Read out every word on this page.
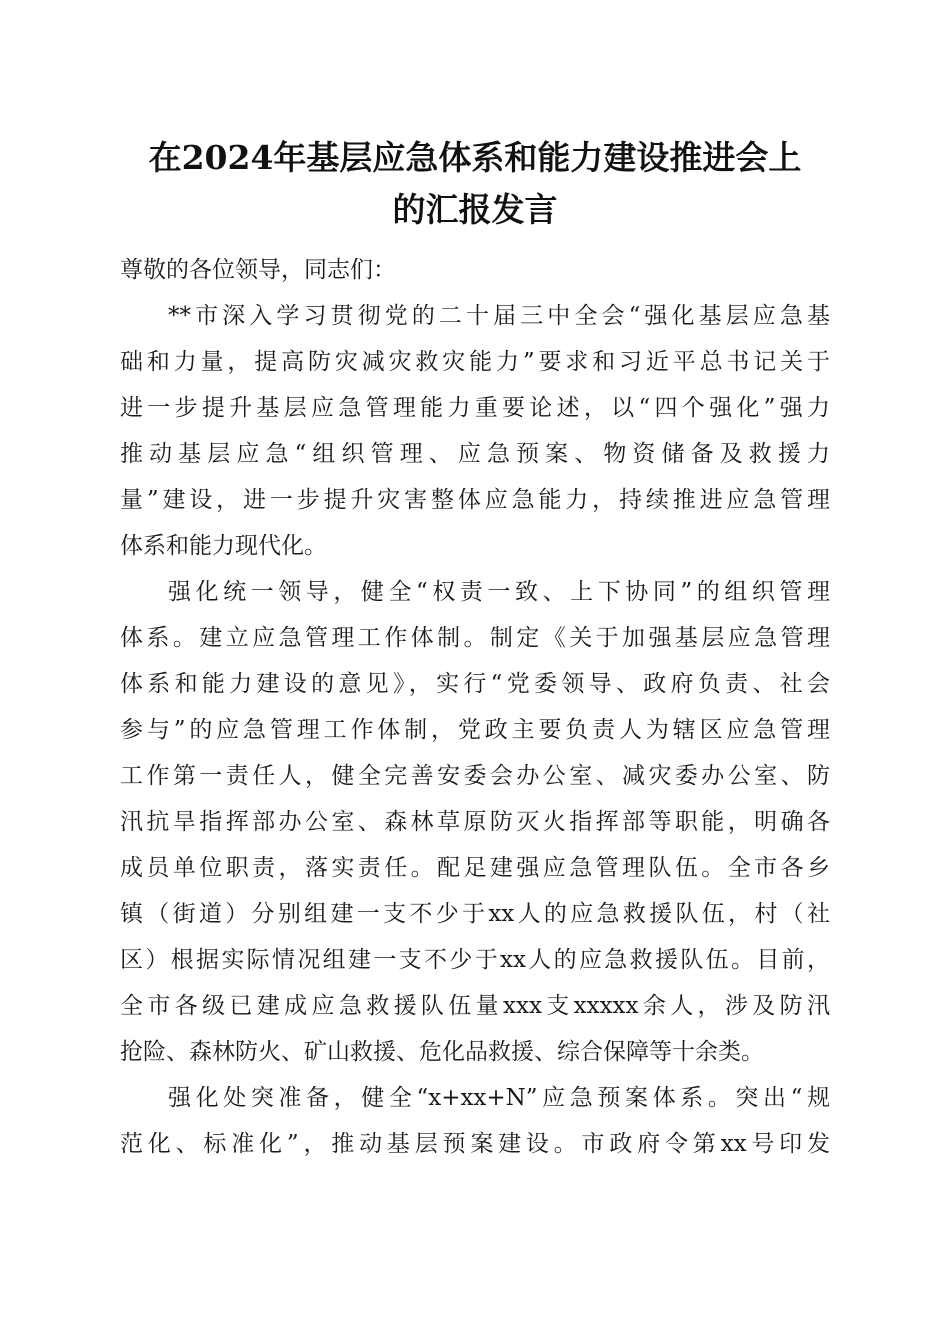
在2024年基层应急体系和能力建设推进会上
的汇报发言
尊敬的各位领导，同志们：
**市深入学习贯彻党的二十届三中全会“强化基层应急基
础和力量，提高防灾减灾救灾能力”要求和习近平总书记关于
进一步提升基层应急管理能力重要论述，以“四个强化”强力
推动基层应急“组织管理、应急预案、物资储备及救援力
量”建设，进一步提升灾害整体应急能力，持续推进应急管理
体系和能力现代化。
强化统一领导，健全“权责一致、上下协同”的组织管理
体系。建立应急管理工作体制。制定《关于加强基层应急管理
体系和能力建设的意见》，实行“党委领导、政府负责、社会
参与”的应急管理工作体制，党政主要负责人为辖区应急管理
工作第一责任人，健全完善安委会办公室、减灾委办公室、防
汛抗旱指挥部办公室、森林草原防灭火指挥部等职能，明确各
成员单位职责，落实责任。配足建强应急管理队伍。全市各乡
镇（街道）分别组建一支不少于xx人的应急救援队伍，村（社
区）根据实际情况组建一支不少于xx人的应急救援队伍。目前，
全市各级已建成应急救援队伍量xxx支xxxxx余人，涉及防汛
抢险、森林防火、矿山救援、危化品救援、综合保障等十余类。
强化处突准备，健全“x+xx+N”应急预案体系。突出“规
范化、标准化”，推动基层预案建设。市政府令第xx号印发
